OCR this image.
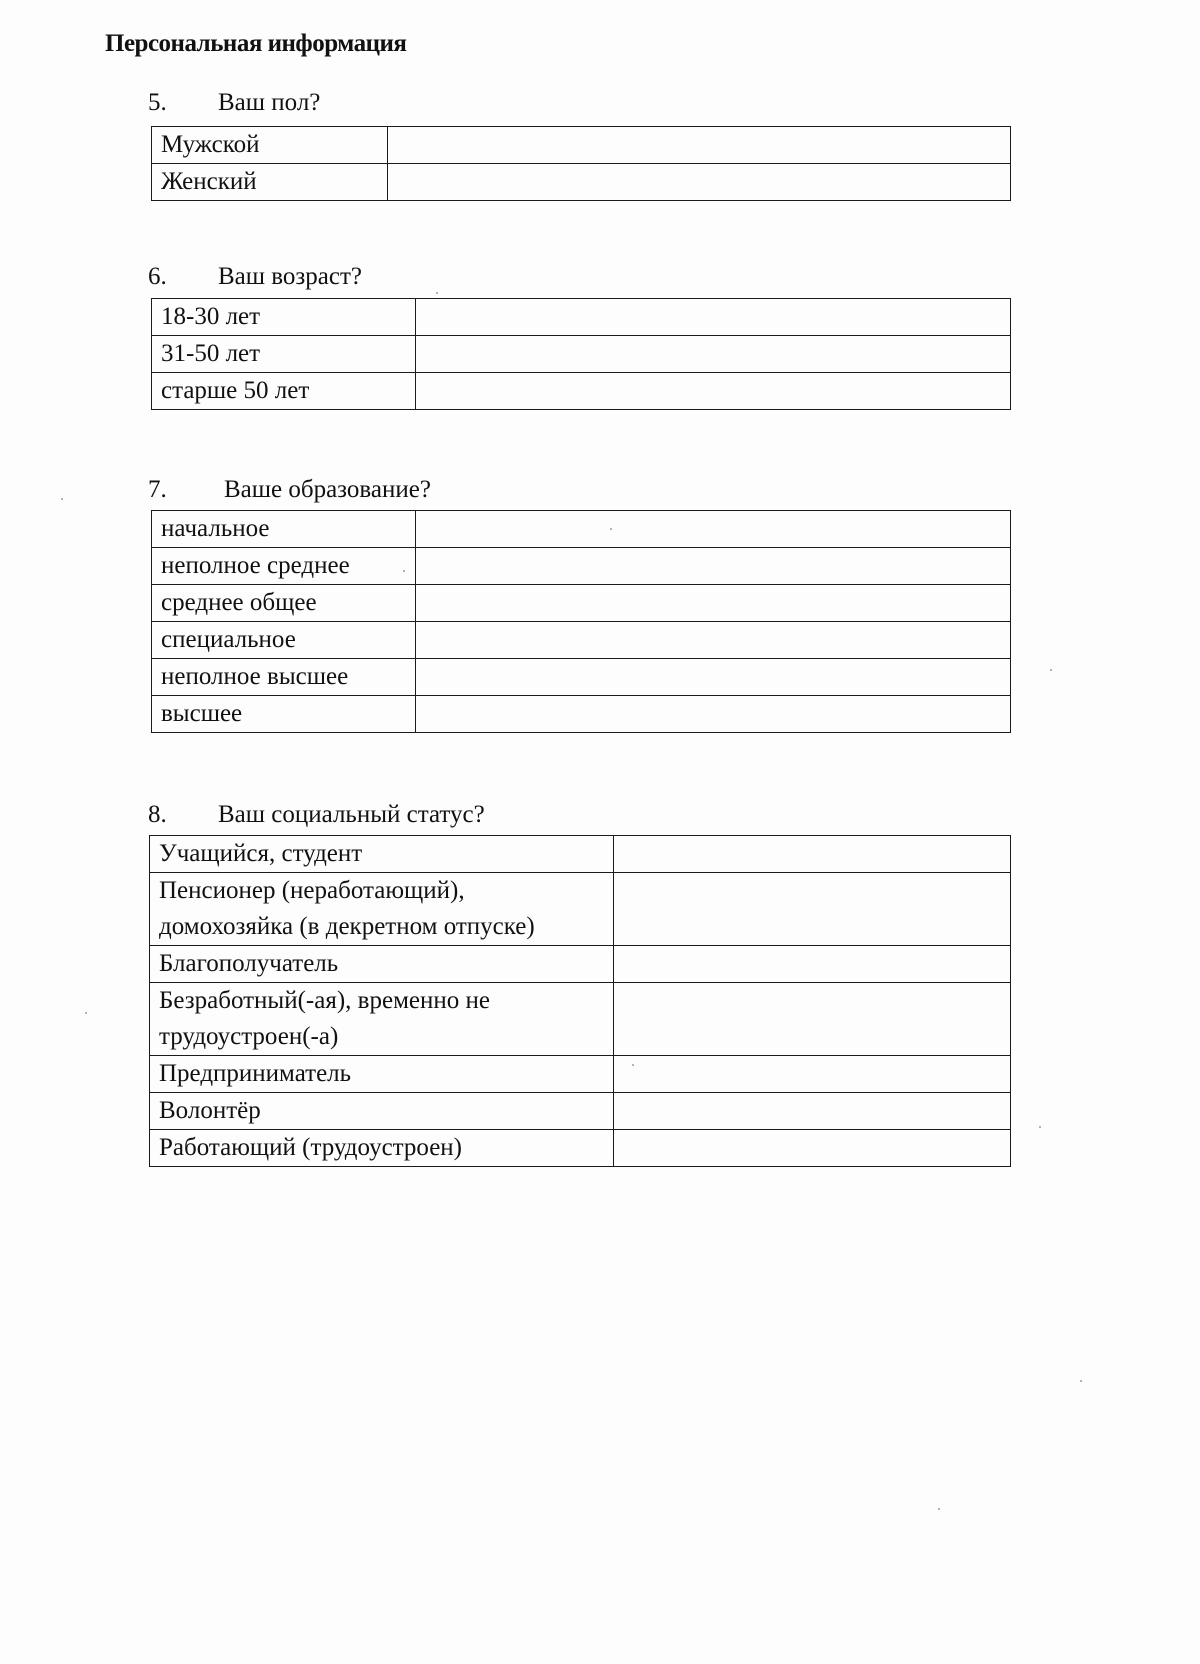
Персональная информация
5. Ваш пол?
Мужской	
Женский	
6. Ваш возраст?
18-30 лет	
31-50 лет	
старше 50 лет	
7. Ваше образование?
начальное	
неполное среднее	
среднее общее	
специальное	
неполное высшее	
высшее	
8. Ваш социальный статус?
Учащийся, студент	
Пенсионер (неработающий),
домохозяйка (в декретном отпуске)	
Благополучатель	
Безработный(-ая), временно не
трудоустроен(-а)	
Предприниматель	
Волонтёр	
Работающий (трудоустроен)	
